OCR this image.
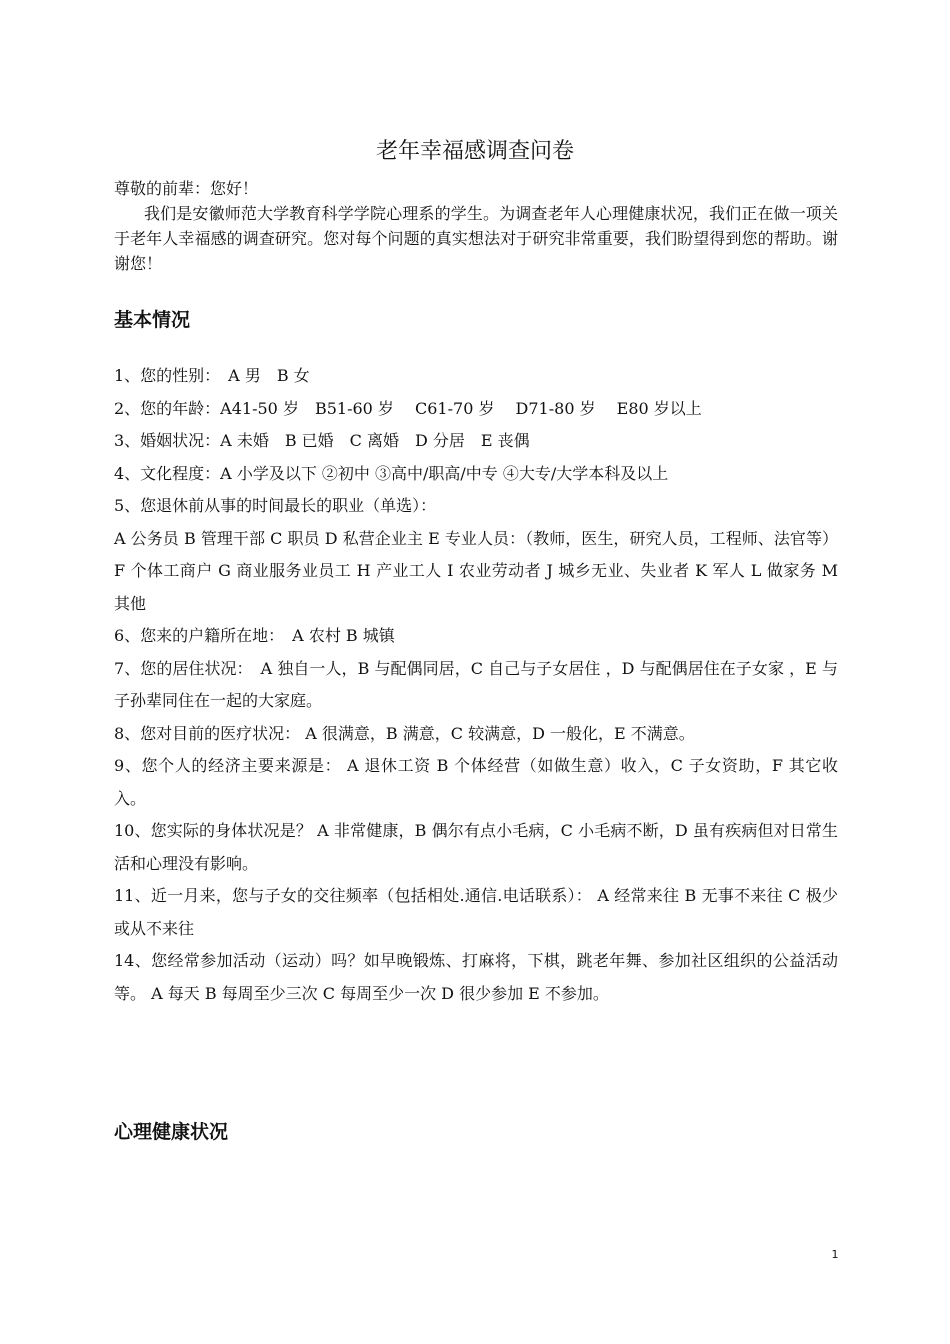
老年幸福感调查问卷

尊敬的前辈：您好！

我们是安徽师范大学教育科学学院心理系的学生。为调查老年人心理健康状况，我们正在做一项关于老年人幸福感的调查研究。您对每个问题的真实想法对于研究非常重要，我们盼望得到您的帮助。谢谢您！

基本情况
1、您的性别：　A 男　B 女
2、您的年龄：A41-50 岁　B51-60 岁　 C61-70 岁　 D71-80 岁　 E80 岁以上
3、婚姻状况：A 未婚　B 已婚　C 离婚　D 分居　E 丧偶
4、文化程度：A 小学及以下 ②初中 ③高中/职高/中专 ④大专/大学本科及以上
5、您退休前从事的时间最长的职业（单选）：
A 公务员 B 管理干部 C 职员 D 私营企业主 E 专业人员：（教师，医生，研究人员，工程师、法官等） F 个体工商户 G 商业服务业员工 H 产业工人 I 农业劳动者 J 城乡无业、失业者 K 军人 L 做家务 M 其他
6、您来的户籍所在地：　A 农村 B 城镇
7、您的居住状况：　A 独自一人，B 与配偶同居，C 自己与子女居住 ，D 与配偶居住在子女家 ，E 与子孙辈同住在一起的大家庭。
8、您对目前的医疗状况： A 很满意，B 满意，C 较满意，D 一般化，E 不满意。
9、您个人的经济主要来源是： A 退休工资 B 个体经营（如做生意）收入，C 子女资助，F 其它收入。
10、您实际的身体状况是？ A 非常健康，B 偶尔有点小毛病，C 小毛病不断，D 虽有疾病但对日常生活和心理没有影响。
11、近一月来，您与子女的交往频率（包括相处.通信.电话联系）： A 经常来往 B 无事不来往 C 极少或从不来往
14、您经常参加活动（运动）吗？如早晚锻炼、打麻将，下棋，跳老年舞、参加社区组织的公益活动等。 A 每天 B 每周至少三次 C 每周至少一次 D 很少参加 E 不参加。
心理健康状况
1
